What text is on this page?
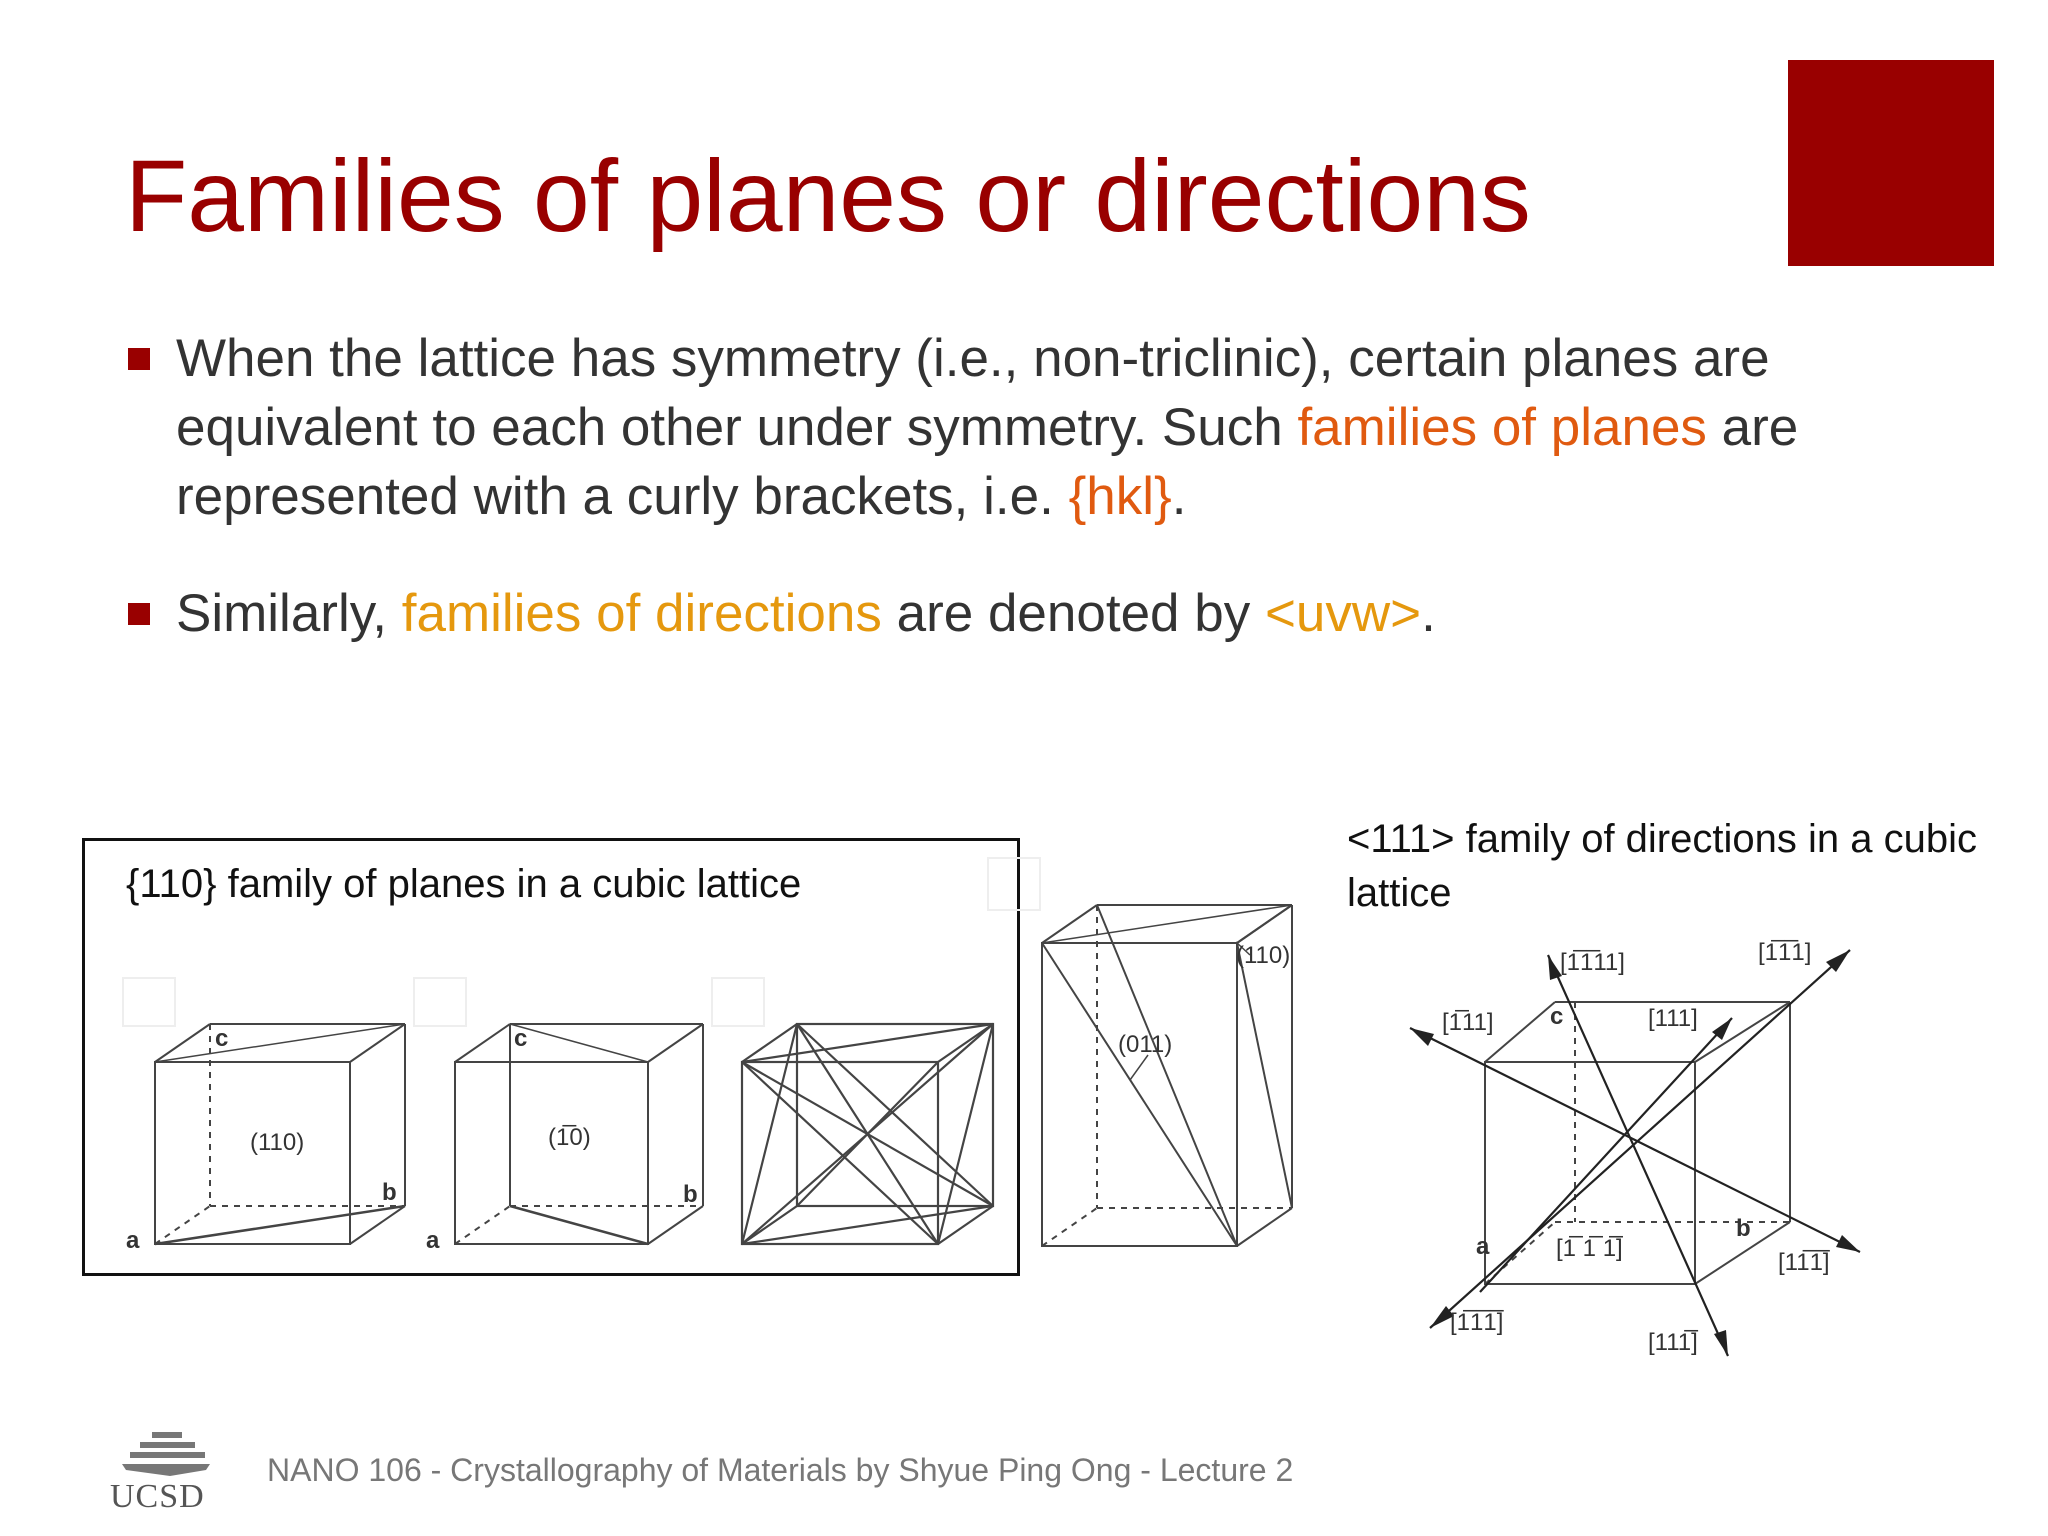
Families of planes or directions
When the lattice has symmetry (i.e., non-triclinic), certain planes are equivalent to each other under symmetry. Such families of planes are represented with a curly brackets, i.e. {hkl}.
Similarly, families of directions are denoted by <uvw>.
{110} family of planes in a cubic lattice
<111> family of directions in a cubic lattice
c
b
a
(110)
c
b
a
(1̅0)
(110)
(011)
[1̅1̅11]	[1̅1̅1]
[1̅11]	[111]
[1̅ 1̅ 1̅]
[11̅1̅]
[1̅1̅1̅]
[111̅]
c
b
a
UCSD
NANO 106 - Crystallography of Materials by Shyue Ping Ong - Lecture 2
